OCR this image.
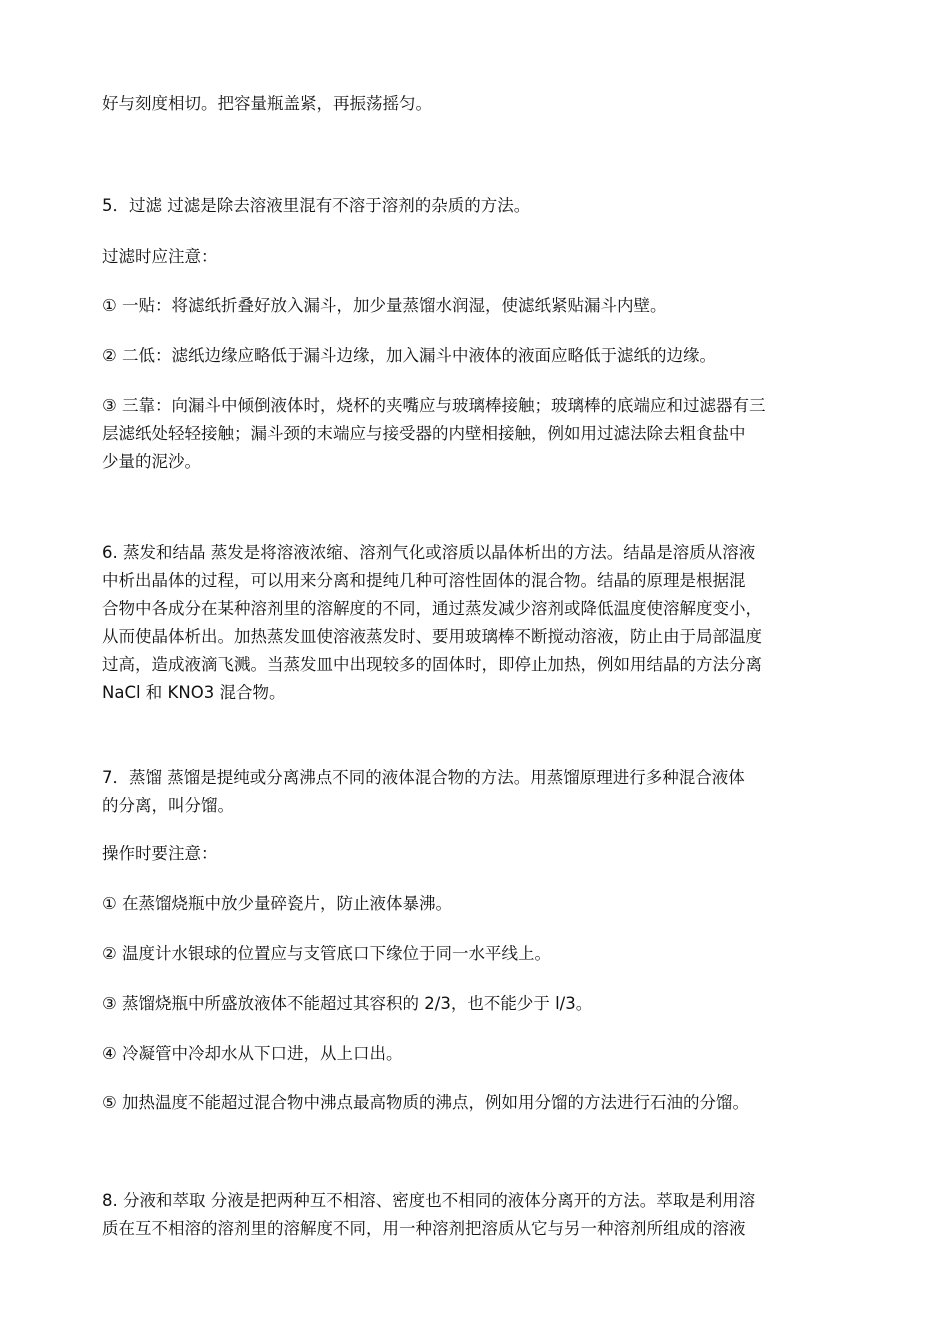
好与刻度相切。把容量瓶盖紧，再振荡摇匀。

5．过滤 过滤是除去溶液里混有不溶于溶剂的杂质的方法。

过滤时应注意：

① 一贴：将滤纸折叠好放入漏斗，加少量蒸馏水润湿，使滤纸紧贴漏斗内壁。

② 二低：滤纸边缘应略低于漏斗边缘，加入漏斗中液体的液面应略低于滤纸的边缘。

③ 三靠：向漏斗中倾倒液体时，烧杯的夹嘴应与玻璃棒接触；玻璃棒的底端应和过滤器有三
层滤纸处轻轻接触；漏斗颈的末端应与接受器的内壁相接触，例如用过滤法除去粗食盐中
少量的泥沙。

6. 蒸发和结晶 蒸发是将溶液浓缩、溶剂气化或溶质以晶体析出的方法。结晶是溶质从溶液
中析出晶体的过程，可以用来分离和提纯几种可溶性固体的混合物。结晶的原理是根据混
合物中各成分在某种溶剂里的溶解度的不同，通过蒸发减少溶剂或降低温度使溶解度变小，
从而使晶体析出。加热蒸发皿使溶液蒸发时、要用玻璃棒不断搅动溶液，防止由于局部温度
过高，造成液滴飞溅。当蒸发皿中出现较多的固体时，即停止加热，例如用结晶的方法分离
NaCl 和 KNO3 混合物。

7．蒸馏 蒸馏是提纯或分离沸点不同的液体混合物的方法。用蒸馏原理进行多种混合液体
的分离，叫分馏。

操作时要注意：

① 在蒸馏烧瓶中放少量碎瓷片，防止液体暴沸。

② 温度计水银球的位置应与支管底口下缘位于同一水平线上。

③ 蒸馏烧瓶中所盛放液体不能超过其容积的 2/3，也不能少于 l/3。

④ 冷凝管中冷却水从下口进，从上口出。

⑤ 加热温度不能超过混合物中沸点最高物质的沸点，例如用分馏的方法进行石油的分馏。

8. 分液和萃取 分液是把两种互不相溶、密度也不相同的液体分离开的方法。萃取是利用溶
质在互不相溶的溶剂里的溶解度不同，用一种溶剂把溶质从它与另一种溶剂所组成的溶液
